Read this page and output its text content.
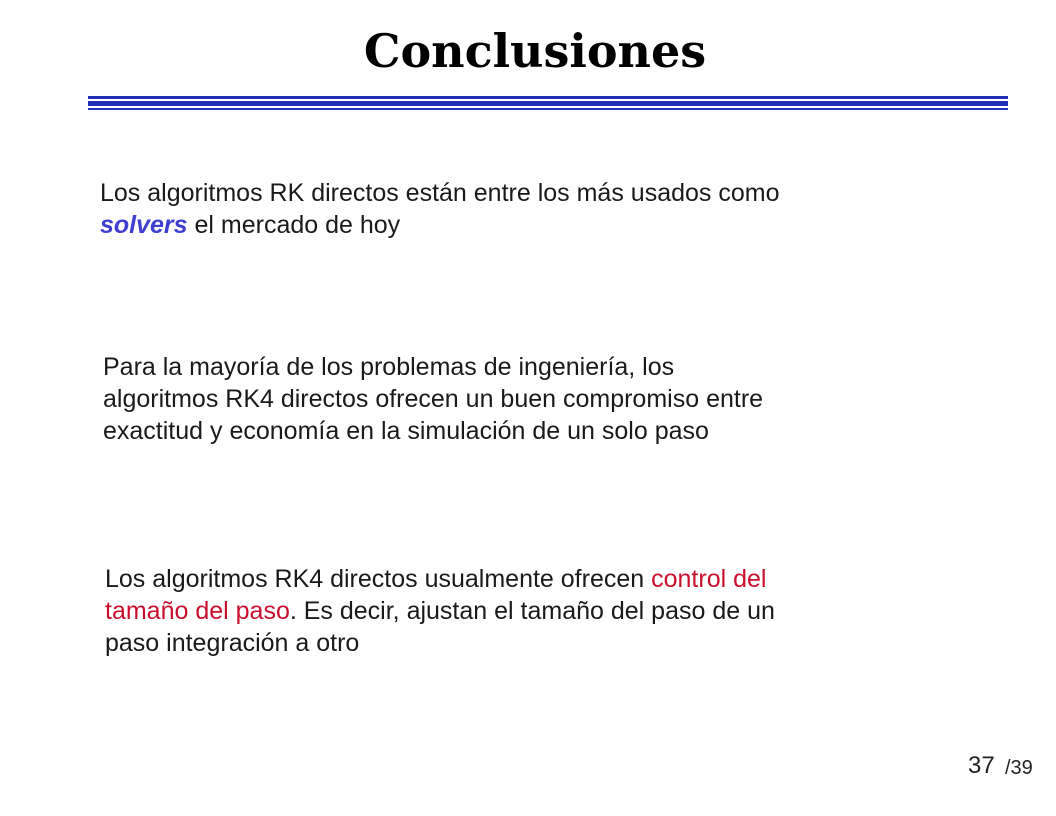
Conclusiones

Los algoritmos RK directos están entre los más usados como
solvers el mercado de hoy

Para la mayoría de los problemas de ingeniería, los
algoritmos RK4 directos ofrecen un buen compromiso entre
exactitud y economía en la simulación de un solo paso

Los algoritmos RK4 directos usualmente ofrecen control del
tamaño del paso. Es decir, ajustan el tamaño del paso de un
paso integración a otro

37 /39
